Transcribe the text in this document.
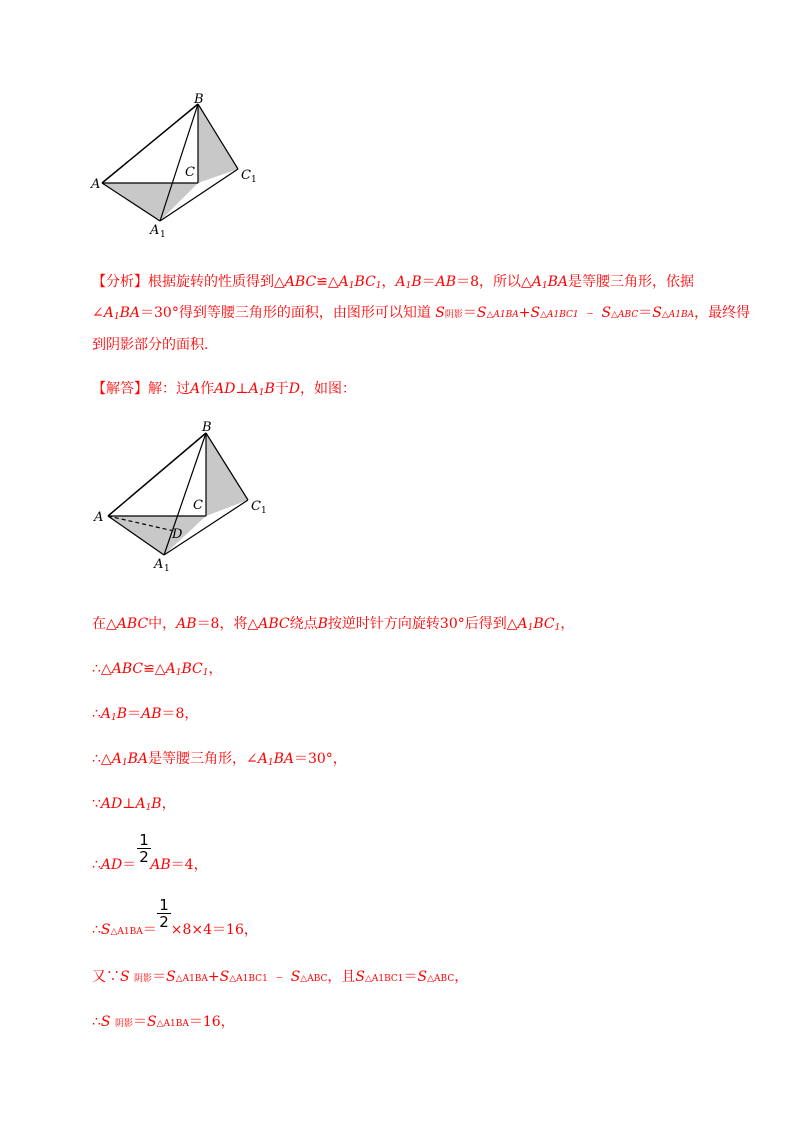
B
A
C	C 1
A 1
【分析】根据旋转的性质得到$\triangle ABC≌\triangle A_1BC_1$，$A_1B=AB=8$，所以$\triangle A_1BA$是等腰三角形，依据
$\angle A_1BA=30^\circ$得到等腰三角形的面积，由图形可以知道 S阴影＝S△A1BA+S△A1BC1 ﹣ S△ABC＝S△A1BA，最终得
到阴影部分的面积.
【解答】解：过A作$AD\perp A_1B$于D，如图：
B
A
C	C 1
D
A 1
在△ABC中，AB＝8，将△ABC绕点B按逆时针方向旋转30°后得到$\triangle A_1BC_1$，
$\therefore\triangle ABC≌\triangle A_1BC_1$，
$\therefore A_1B=AB=8$，
$\therefore\triangle A_1BA$是等腰三角形，$\angle A_1BA=30^\circ$，
$\because AD\perp A_1B$，
$\frac{1}{2}$
∴AD＝ AB＝4，
$\frac{1}{2}$
∴S△A1BA＝ ×8×4＝16，
又∵S 阴影＝S△A1BA+S△A1BC1 ﹣ S△ABC，且S△A1BC1＝S△ABC，
∴S 阴影＝S△A1BA＝16，
